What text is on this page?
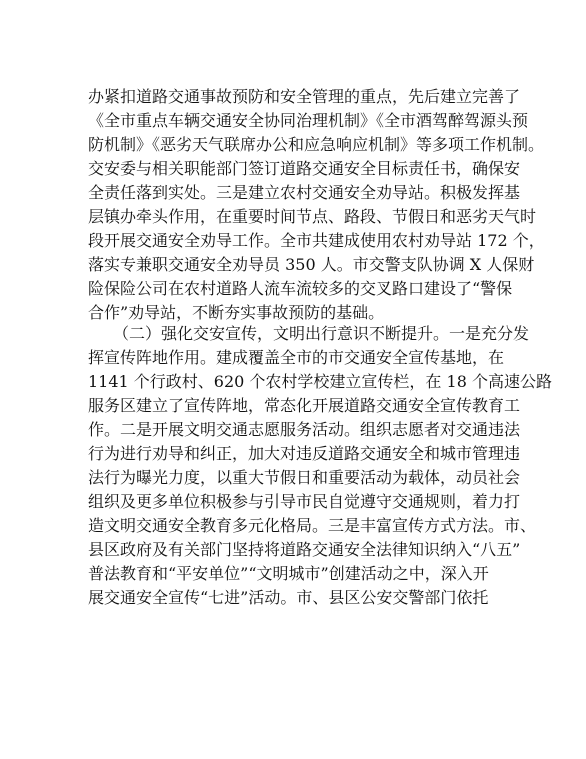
办紧扣道路交通事故预防和安全管理的重点，先后建立完善了
《全市重点车辆交通安全协同治理机制》《全市酒驾醉驾源头预
防机制》《恶劣天气联席办公和应急响应机制》等多项工作机制。
交安委与相关职能部门签订道路交通安全目标责任书，确保安
全责任落到实处。三是建立农村交通安全劝导站。积极发挥基
层镇办牵头作用，在重要时间节点、路段、节假日和恶劣天气时
段开展交通安全劝导工作。全市共建成使用农村劝导站 172 个，
落实专兼职交通安全劝导员 350 人。市交警支队协调 X 人保财
险保险公司在农村道路人流车流较多的交叉路口建设了“警保
合作”劝导站，不断夯实事故预防的基础。
（二）强化交安宣传，文明出行意识不断提升。一是充分发
挥宣传阵地作用。建成覆盖全市的市交通安全宣传基地，在
1141 个行政村、620 个农村学校建立宣传栏，在 18 个高速公路
服务区建立了宣传阵地，常态化开展道路交通安全宣传教育工
作。二是开展文明交通志愿服务活动。组织志愿者对交通违法
行为进行劝导和纠正，加大对违反道路交通安全和城市管理违
法行为曝光力度，以重大节假日和重要活动为载体，动员社会
组织及更多单位积极参与引导市民自觉遵守交通规则，着力打
造文明交通安全教育多元化格局。三是丰富宣传方式方法。市、
县区政府及有关部门坚持将道路交通安全法律知识纳入“八五”
普法教育和“平安单位”“文明城市”创建活动之中，深入开
展交通安全宣传“七进”活动。市、县区公安交警部门依托
